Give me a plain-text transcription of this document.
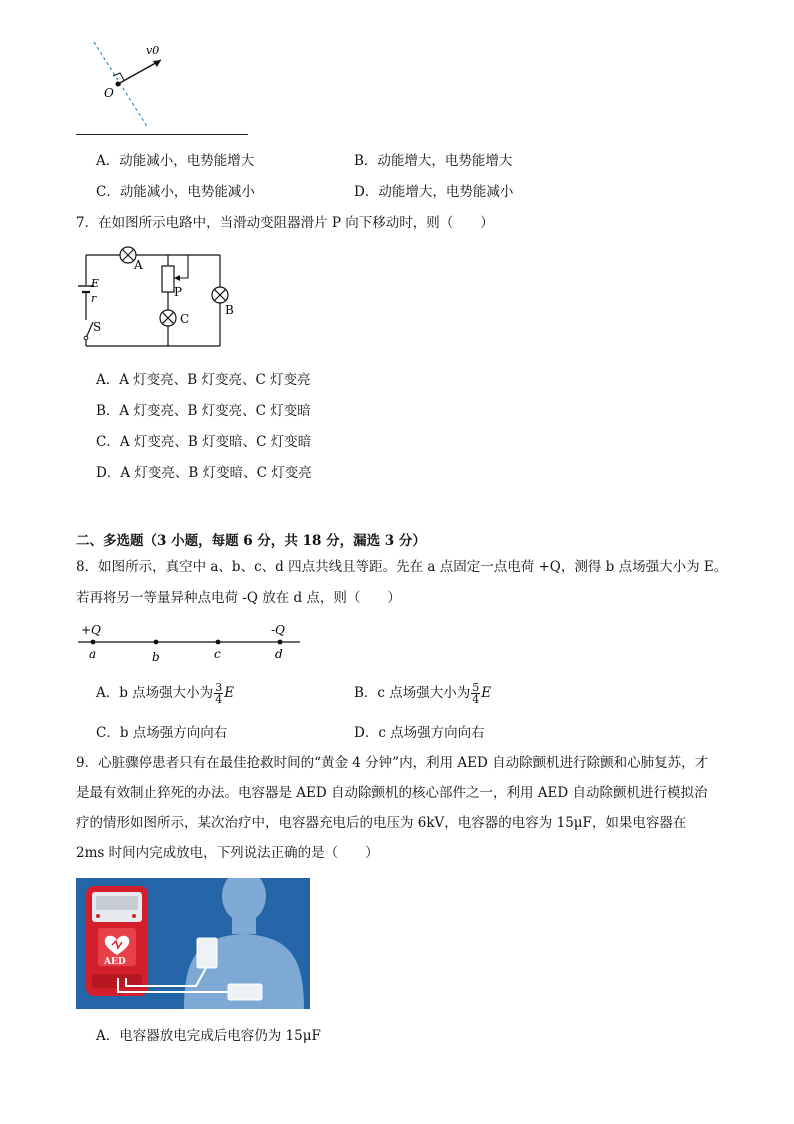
v0
O
A．动能减小，电势能增大	B．动能增大，电势能增大
C．动能减小，电势能减小	D．动能增大，电势能减小
7．在如图所示电路中，当滑动变阻器滑片 P 向下移动时，则（　　）
A
P
C
B
E
r
S
A．A 灯变亮、B 灯变亮、C 灯变亮
B．A 灯变亮、B 灯变亮、C 灯变暗
C．A 灯变亮、B 灯变暗、C 灯变暗
D．A 灯变亮、B 灯变暗、C 灯变亮
二、多选题（3 小题，每题 6 分，共 18 分，漏选 3 分）
8．如图所示，真空中 a、b、c、d 四点共线且等距。先在 a 点固定一点电荷 +Q，测得 b 点场强大小为 E。
若再将另一等量异种点电荷 -Q 放在 d 点，则（　　）
+Q	-Q
a	b	c	d
A．b 点场强大小为 $\frac{3}{4}$ E	B．c 点场强大小为 $\frac{5}{4}$ E
C．b 点场强方向向右	D．c 点场强方向向右
9．心脏骤停患者只有在最佳抢救时间的“黄金 4 分钟”内，利用 AED 自动除颤机进行除颤和心肺复苏，才是最有效制止猝死的办法。电容器是 AED 自动除颤机的核心部件之一，利用 AED 自动除颤机进行模拟治疗的情形如图所示，某次治疗中，电容器充电后的电压为 6kV，电容器的电容为 15μF，如果电容器在 2ms 时间内完成放电，下列说法正确的是（　　）
AED
A．电容器放电完成后电容仍为 15μF
